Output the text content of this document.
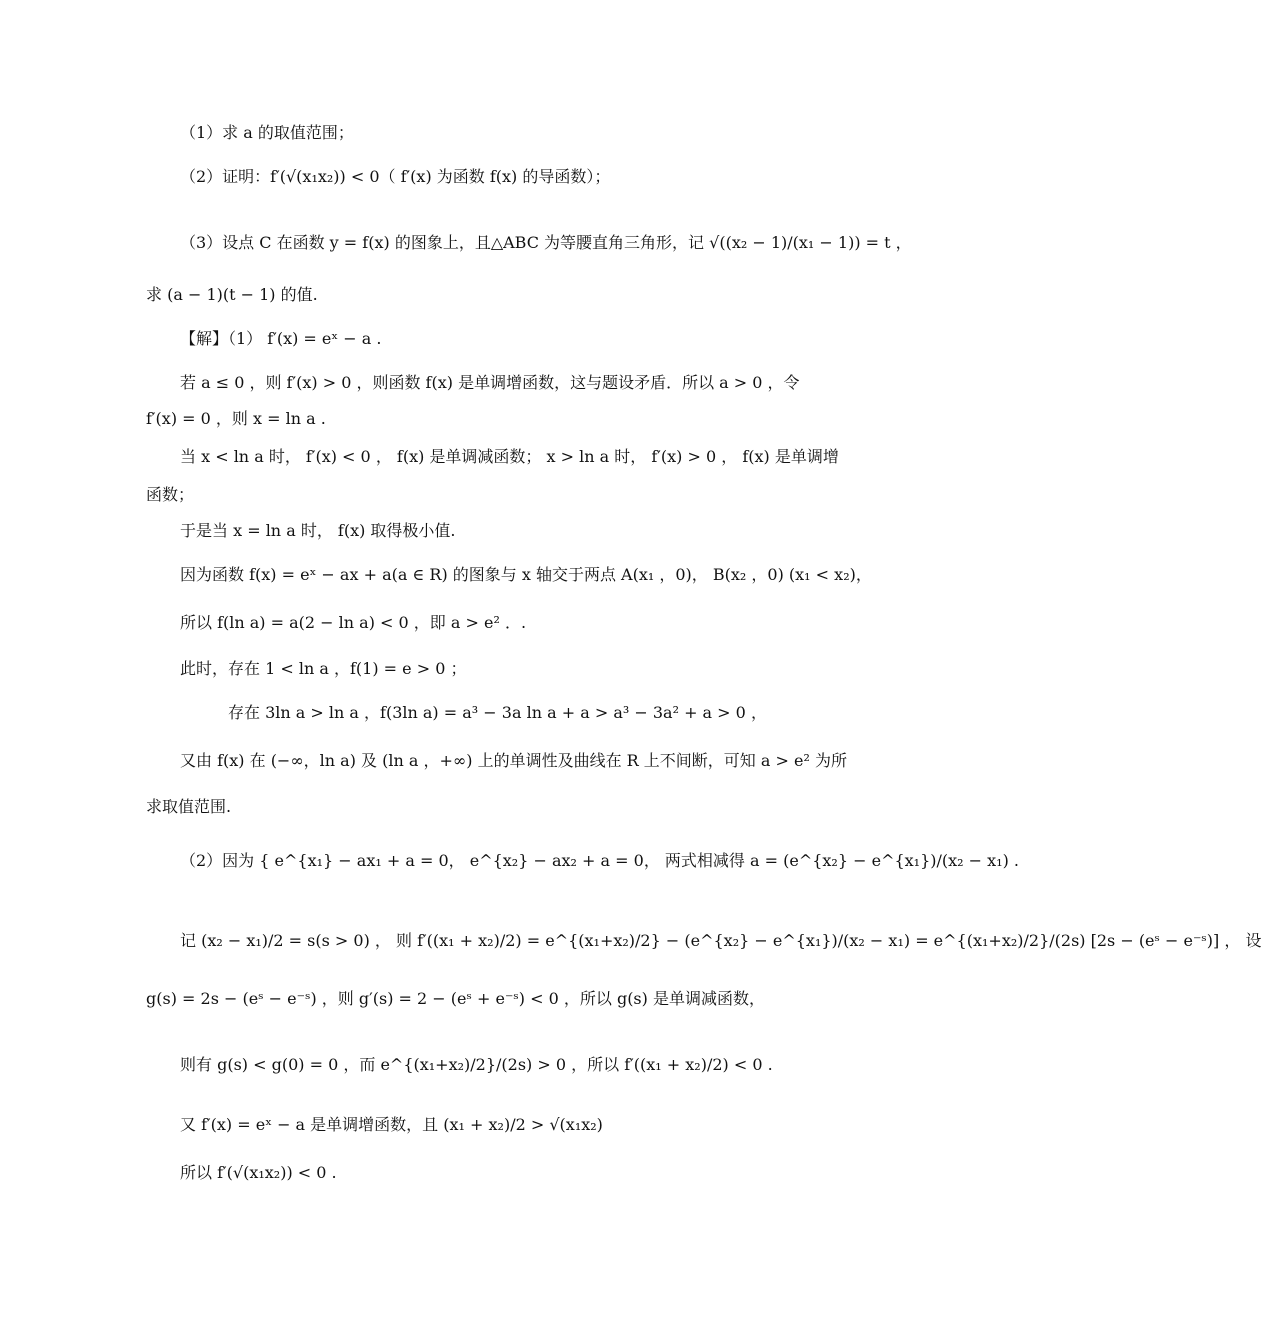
（1）求 a 的取值范围；
（2）证明：f′(√(x₁x₂)) < 0（ f′(x) 为函数 f(x) 的导函数）；
（3）设点 C 在函数 y = f(x) 的图象上，且△ABC 为等腰直角三角形，记 √((x₂ − 1)/(x₁ − 1)) = t ，
求 (a − 1)(t − 1) 的值.
【解】（1） f′(x) = eˣ − a .
若 a ≤ 0 ，则 f′(x) > 0 ，则函数 f(x) 是单调增函数，这与题设矛盾．所以 a > 0 ，令
f′(x) = 0 ，则 x = ln a .
当 x < ln a 时， f′(x) < 0 ， f(x) 是单调减函数； x > ln a 时， f′(x) > 0 ， f(x) 是单调增
函数；
于是当 x = ln a 时， f(x) 取得极小值.
因为函数 f(x) = eˣ − ax + a(a ∈ R) 的图象与 x 轴交于两点 A(x₁ ，0)， B(x₂ ，0) (x₁ < x₂)，
所以 f(ln a) = a(2 − ln a) < 0 ，即 a > e² ．.
此时，存在 1 < ln a ，f(1) = e > 0 ；
存在 3ln a > ln a ，f(3ln a) = a³ − 3a ln a + a > a³ − 3a² + a > 0 ，
又由 f(x) 在 (−∞，ln a) 及 (ln a ，+∞) 上的单调性及曲线在 R 上不间断，可知 a > e² 为所
求取值范围.
（2）因为 { e^{x₁} − ax₁ + a = 0， e^{x₂} − ax₂ + a = 0， 两式相减得 a = (e^{x₂} − e^{x₁})/(x₂ − x₁) .
记 (x₂ − x₁)/2 = s(s > 0) ， 则 f′((x₁ + x₂)/2) = e^{(x₁+x₂)/2} − (e^{x₂} − e^{x₁})/(x₂ − x₁) = e^{(x₁+x₂)/2}/(2s) [2s − (eˢ − e⁻ˢ)] ， 设
g(s) = 2s − (eˢ − e⁻ˢ) ，则 g′(s) = 2 − (eˢ + e⁻ˢ) < 0 ，所以 g(s) 是单调减函数，
则有 g(s) < g(0) = 0 ，而 e^{(x₁+x₂)/2}/(2s) > 0 ，所以 f′((x₁ + x₂)/2) < 0 .
又 f′(x) = eˣ − a 是单调增函数，且 (x₁ + x₂)/2 > √(x₁x₂)
所以 f′(√(x₁x₂)) < 0 .
